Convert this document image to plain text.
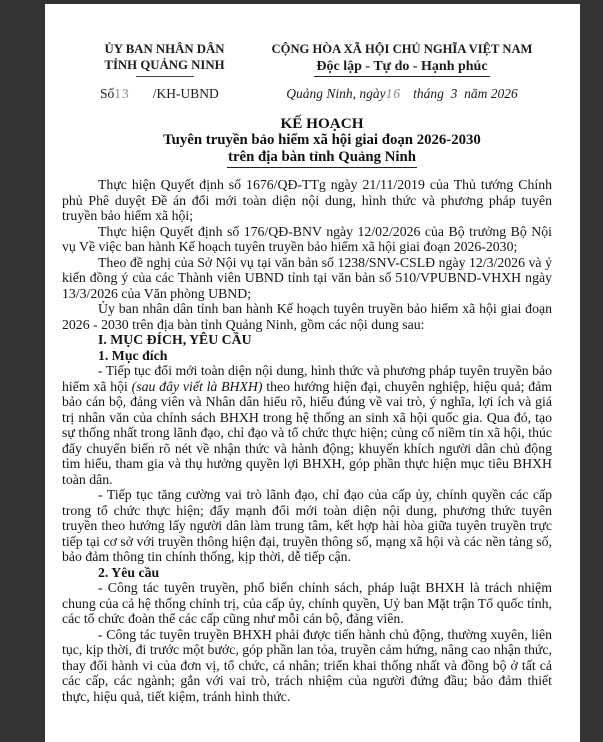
ỦY BAN NHÂN DÂN
TỈNH QUẢNG NINH
CỘNG HÒA XÃ HỘI CHỦ NGHĨA VIỆT NAM
Độc lập - Tự do - Hạnh phúc
Số13 /KH-UBND	Quảng Ninh, ngày16 tháng  3  năm 2026
KẾ HOẠCH
Tuyên truyền bảo hiểm xã hội giai đoạn 2026-2030
trên địa bàn tỉnh Quảng Ninh

Thực hiện Quyết định số 1676/QĐ-TTg ngày 21/11/2019 của Thủ tướng Chính phủ Phê duyệt Đề án đổi mới toàn diện nội dung, hình thức và phương pháp tuyên truyền bảo hiểm xã hội;

Thực hiện Quyết định số 176/QĐ-BNV ngày 12/02/2026 của Bộ trưởng Bộ Nội vụ Về việc ban hành Kế hoạch tuyên truyền bảo hiểm xã hội giai đoạn 2026-2030;

Theo đề nghị của Sở Nội vụ tại văn bản số 1238/SNV-CSLĐ ngày 12/3/2026 và ý kiến đồng ý của các Thành viên UBND tỉnh tại văn bản số 510/VPUBND-VHXH ngày 13/3/2026 của Văn phòng UBND;

Ủy ban nhân dân tỉnh ban hành Kế hoạch tuyên truyền bảo hiểm xã hội giai đoạn 2026 - 2030 trên địa bàn tỉnh Quảng Ninh, gồm các nội dung sau:

I. MỤC ĐÍCH, YÊU CẦU

1. Mục đích

- Tiếp tục đổi mới toàn diện nội dung, hình thức và phương pháp tuyên truyền bảo hiểm xã hội (sau đây viết là BHXH) theo hướng hiện đại, chuyên nghiệp, hiệu quả; đảm bảo cán bộ, đảng viên và Nhân dân hiểu rõ, hiểu đúng về vai trò, ý nghĩa, lợi ích và giá trị nhân văn của chính sách BHXH trong hệ thống an sinh xã hội quốc gia. Qua đó, tạo sự thống nhất trong lãnh đạo, chỉ đạo và tổ chức thực hiện; củng cố niềm tin xã hội, thúc đẩy chuyển biến rõ nét về nhận thức và hành động; khuyến khích người dân chủ động tìm hiểu, tham gia và thụ hưởng quyền lợi BHXH, góp phần thực hiện mục tiêu BHXH toàn dân.

- Tiếp tục tăng cường vai trò lãnh đạo, chỉ đạo của cấp ủy, chính quyền các cấp trong tổ chức thực hiện; đẩy mạnh đổi mới toàn diện nội dung, phương thức tuyên truyền theo hướng lấy người dân làm trung tâm, kết hợp hài hòa giữa tuyên truyền trực tiếp tại cơ sở với truyền thông hiện đại, truyền thông số, mạng xã hội và các nền tảng số, bảo đảm thông tin chính thống, kịp thời, dễ tiếp cận.

2. Yêu cầu

- Công tác tuyên truyền, phổ biến chính sách, pháp luật BHXH là trách nhiệm chung của cả hệ thống chính trị, của cấp ủy, chính quyền, Uỷ ban Mặt trận Tổ quốc tỉnh, các tổ chức đoàn thể các cấp cũng như mỗi cán bộ, đảng viên.

- Công tác tuyên truyền BHXH phải được tiến hành chủ động, thường xuyên, liên tục, kịp thời, đi trước một bước, góp phần lan tỏa, truyền cảm hứng, nâng cao nhận thức, thay đổi hành vi của đơn vị, tổ chức, cá nhân; triển khai thống nhất và đồng bộ ở tất cả các cấp, các ngành; gắn với vai trò, trách nhiệm của người đứng đầu; bảo đảm thiết thực, hiệu quả, tiết kiệm, tránh hình thức.
